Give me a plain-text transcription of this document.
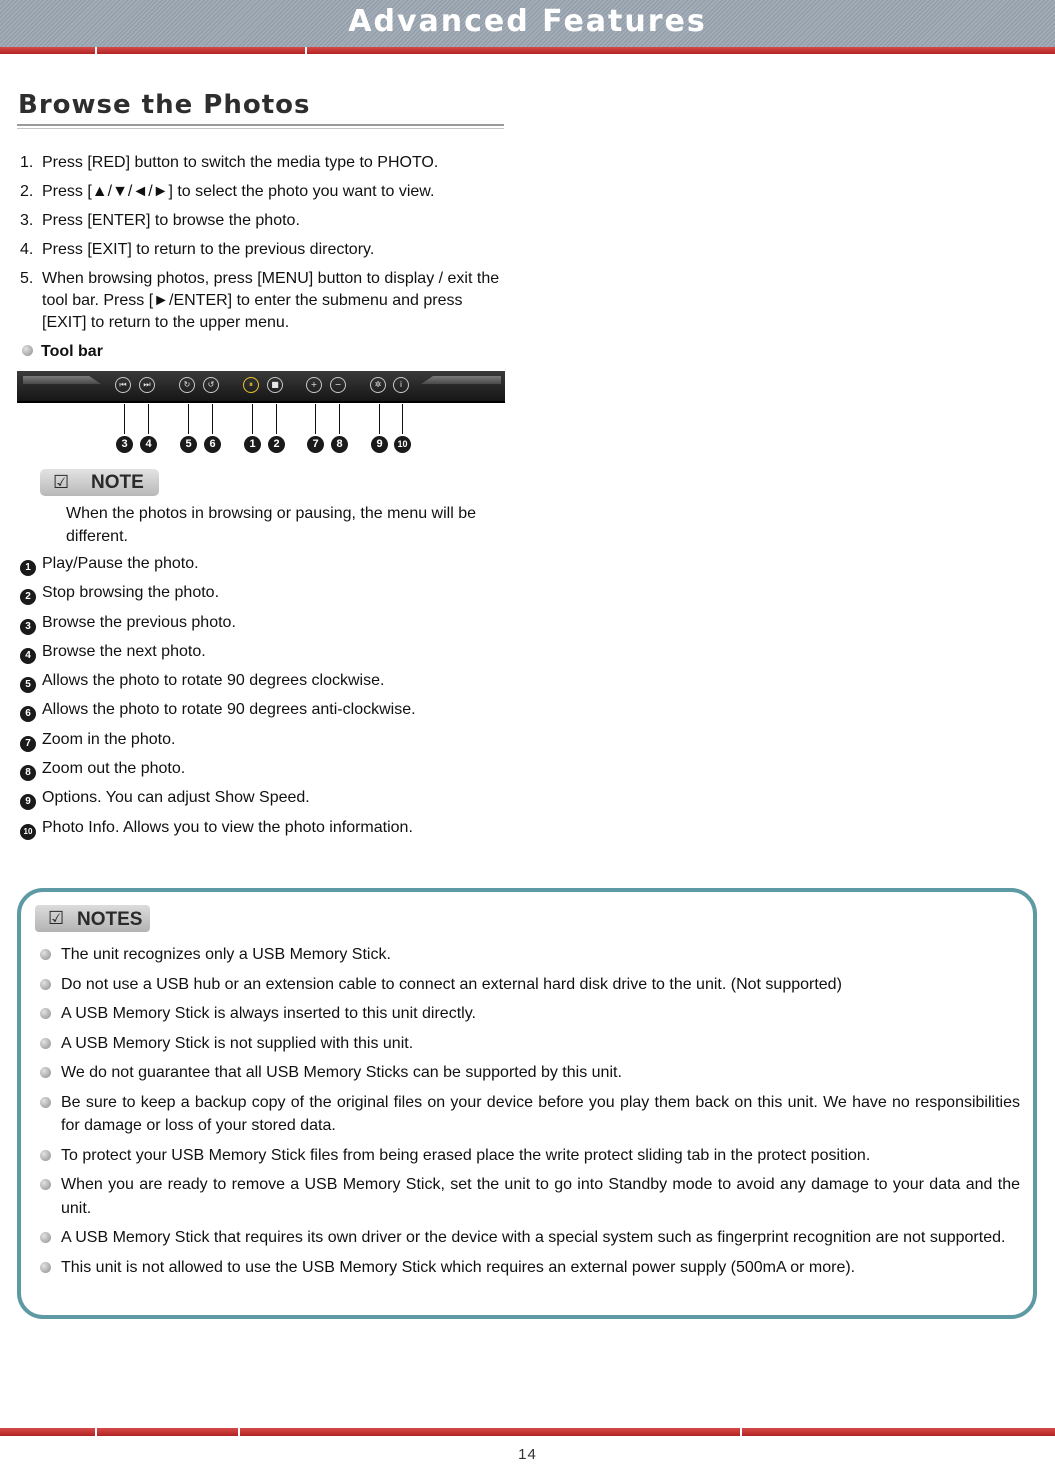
Advanced Features
Browse the Photos
1. Press [RED] button to switch the media type to PHOTO.
2. Press [▲/▼/◄/►] to select the photo you want to view.
3. Press [ENTER] to browse the photo.
4. Press [EXIT] to return to the previous directory.
5. When browsing photos, press [MENU] button to display / exit the tool bar. Press [►/ENTER] to enter the submenu and press [EXIT] to return to the upper menu.
Tool bar
⏮	⏭	↻	↺	⏸	■	+	−	✲	i
3	4	5	6	1	2	7	8	9	10
☑ NOTE
When the photos in browsing or pausing, the menu will be different.
1 Play/Pause the photo.
2 Stop browsing the photo.
3 Browse the previous photo.
4 Browse the next photo.
5 Allows the photo to rotate 90 degrees clockwise.
6 Allows the photo to rotate 90 degrees anti-clockwise.
7 Zoom in the photo.
8 Zoom out the photo.
9 Options. You can adjust Show Speed.
10 Photo Info. Allows you to view the photo information.
☑ NOTES
The unit recognizes only a USB Memory Stick.
Do not use a USB hub or an extension cable to connect an external hard disk drive to the unit. (Not supported)
A USB Memory Stick is always inserted to this unit directly.
A USB Memory Stick is not supplied with this unit.
We do not guarantee that all USB Memory Sticks can be supported by this unit.
Be sure to keep a backup copy of the original files on your device before you play them back on this unit. We have no responsibilities for damage or loss of your stored data.
To protect your USB Memory Stick files from being erased place the write protect sliding tab in the protect position.
When you are ready to remove a USB Memory Stick, set the unit to go into Standby mode to avoid any damage to your data and the unit.
A USB Memory Stick that requires its own driver or the device with a special system such as fingerprint recognition are not supported.
This unit is not allowed to use the USB Memory Stick which requires an external power supply (500mA or more).
14
